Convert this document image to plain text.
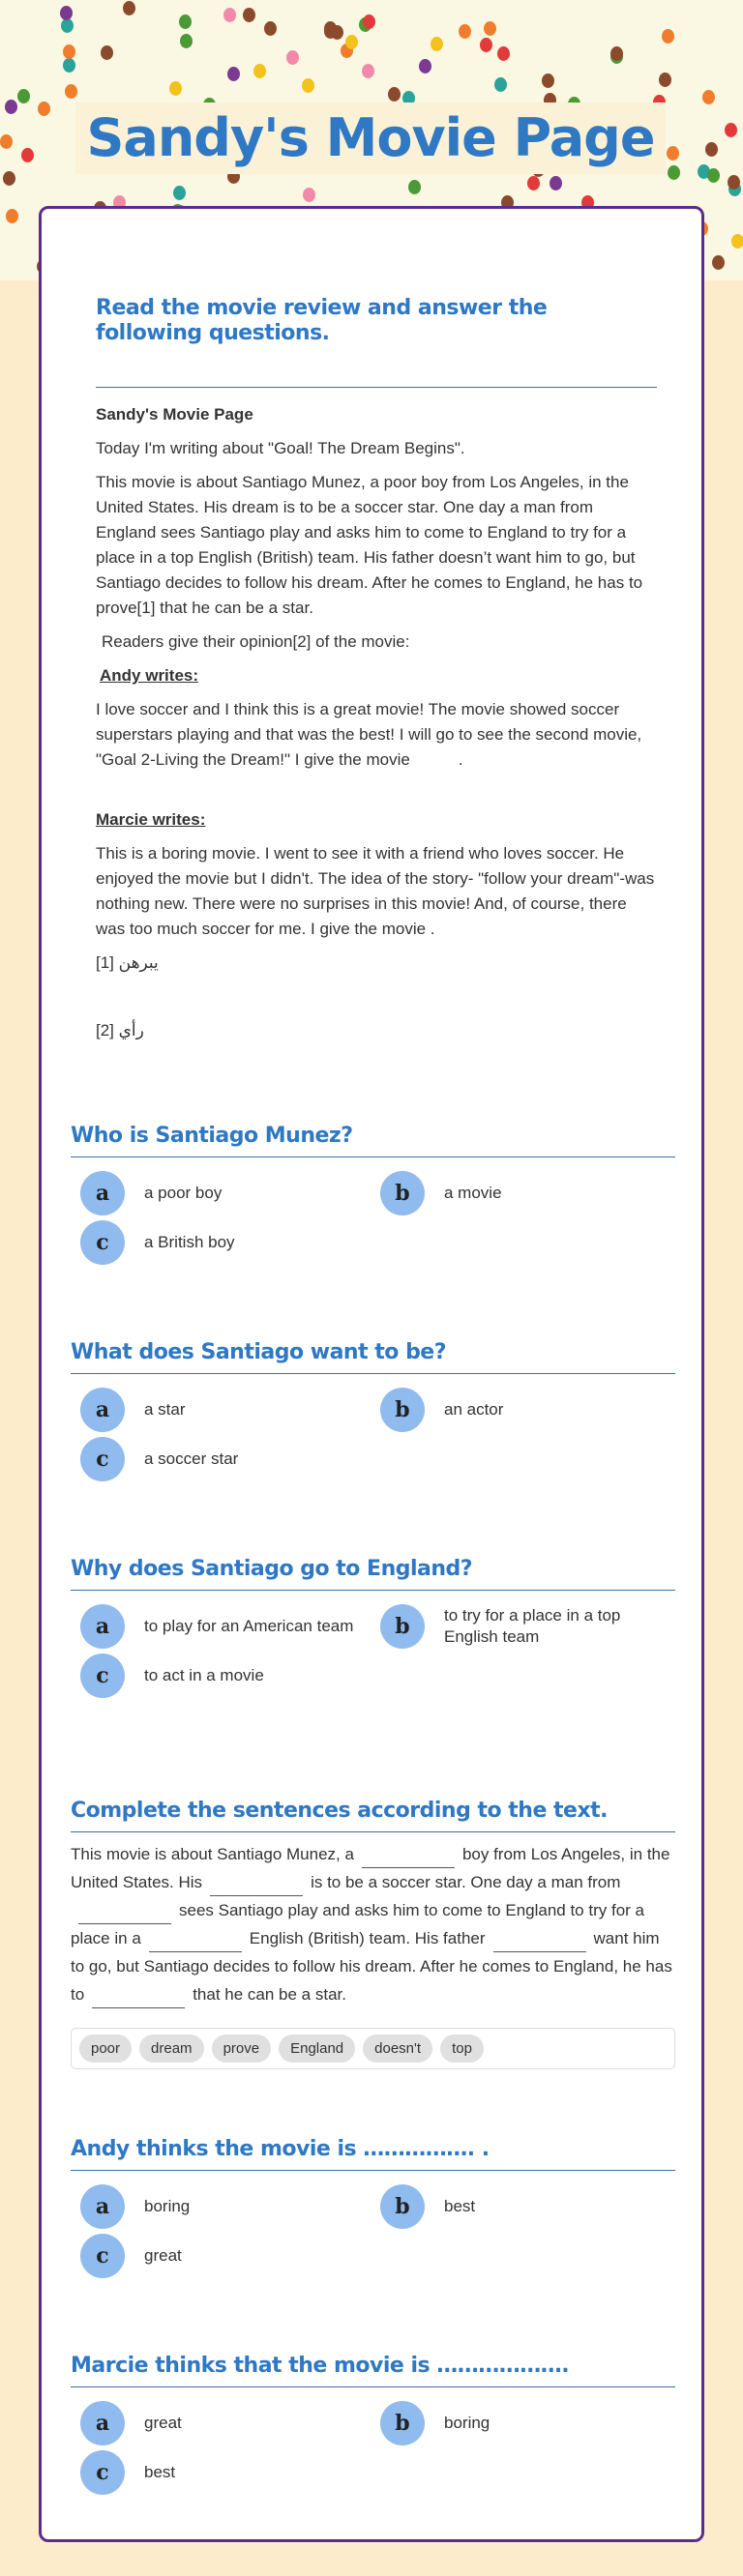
Sandy's Movie Page
Read the movie review and answer the following questions.

Sandy's Movie Page

Today I'm writing about "Goal! The Dream Begins".

This movie is about Santiago Munez, a poor boy from Los Angeles, in the United States. His dream is to be a soccer star. One day a man from England sees Santiago play and asks him to come to England to try for a place in a top English (British) team. His father doesn’t want him to go, but Santiago decides to follow his dream. After he comes to England, he has to prove[1] that he can be a star.

Readers give their opinion[2] of the movie:

Andy writes:

I love soccer and I think this is a great movie! The movie showed soccer superstars playing and that was the best! I will go to see the second movie, "Goal 2-Living the Dream!" I give the movie	.

Marcie writes:

This is a boring movie. I went to see it with a friend who loves soccer. He enjoyed the movie but I didn't. The idea of the story- "follow your dream"-was nothing new. There were no surprises in this movie! And, of course, there was too much soccer for me. I give the movie .

[1] يبرهن

[2] رأي

Who is Santiago Munez?
a	a poor boy	b	a movie
c	a British boy
What does Santiago want to be?
a	a star	b	an actor
c	a soccer star
Why does Santiago go to England?
a	to play for an American team	b	to try for a place in a top English team
c	to act in a movie
Complete the sentences according to the text.

This movie is about Santiago Munez, a	boy from Los Angeles, in the United States. His	is to be a soccer star. One day a man fromsees Santiago play and asks him to come to England to try for a place in a	English (British) team. His father	want him to go, but Santiago decides to follow his dream. After he comes to England, he has to	that he can be a star.

poor	dream	prove	England	doesn't	top
Andy thinks the movie is ……………. .
a	boring	b	best
c	great
Marcie thinks that the movie is ……………….
a	great	b	boring
c	best
